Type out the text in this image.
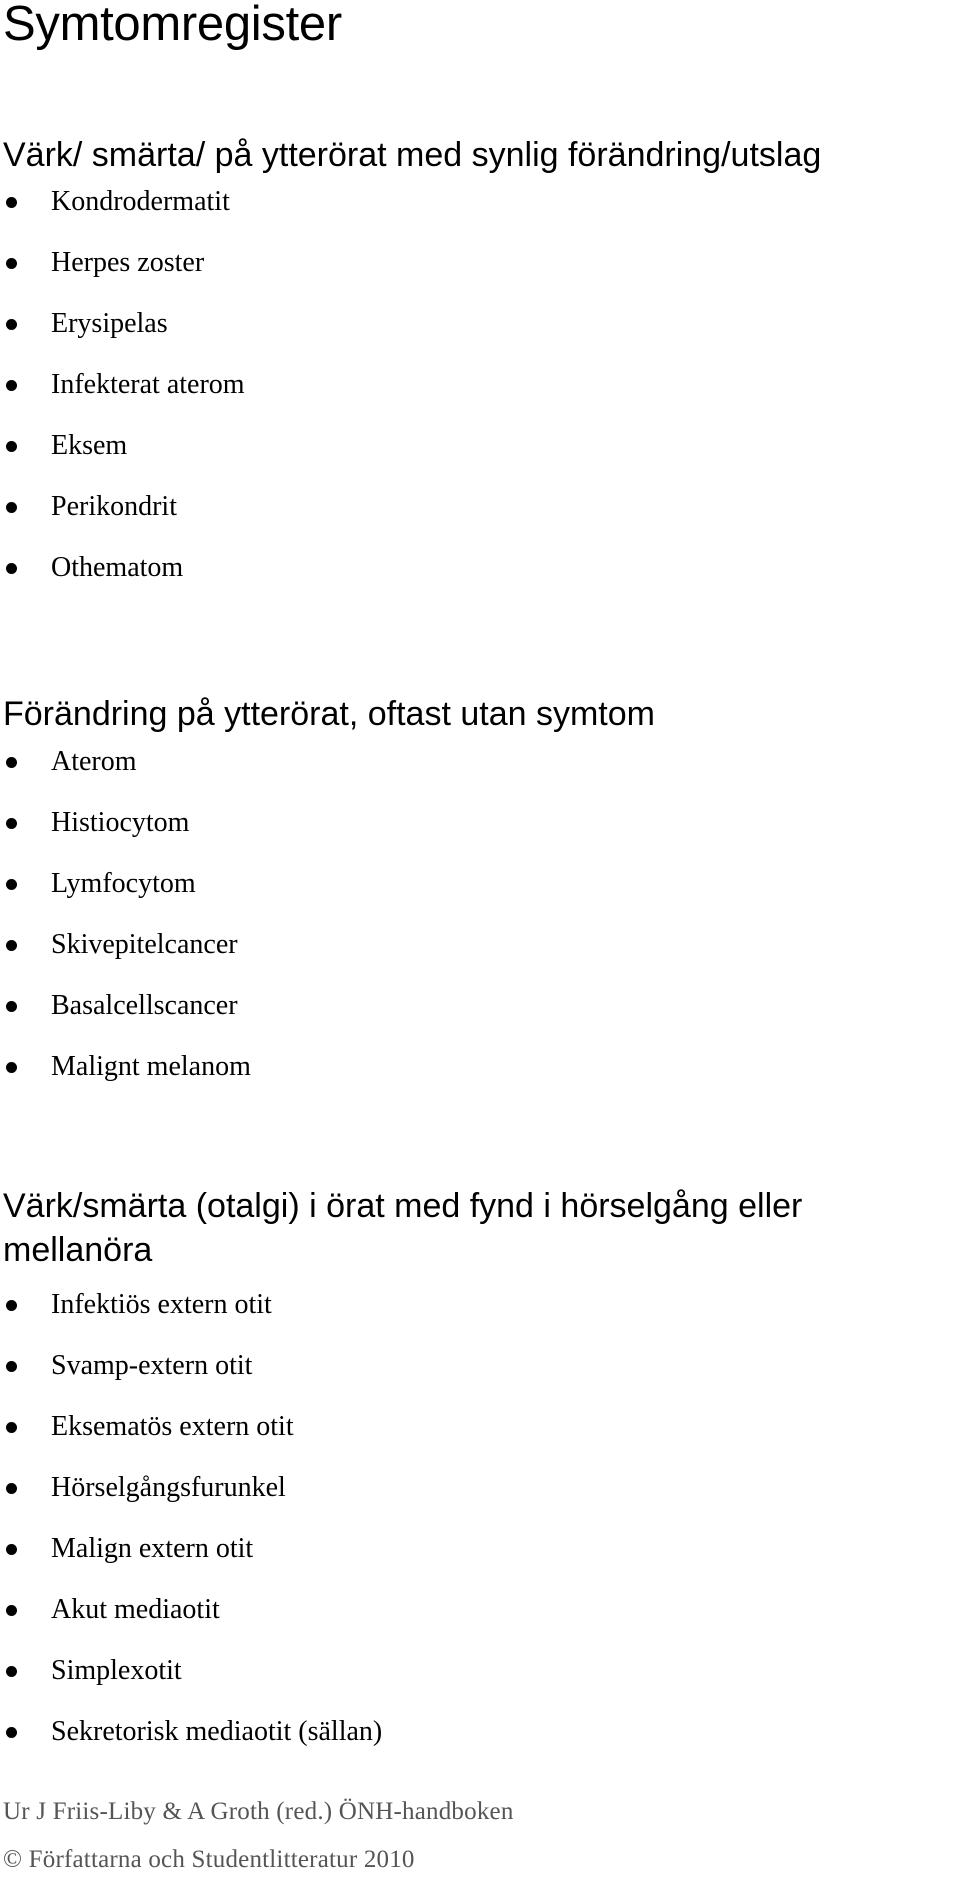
Symtomregister

Värk/ smärta/ på ytterörat med synlig förändring/utslag

Kondrodermatit
Herpes zoster
Erysipelas
Infekterat aterom
Eksem
Perikondrit
Othematom

Förändring på ytterörat, oftast utan symtom

Aterom
Histiocytom
Lymfocytom
Skivepitelcancer
Basalcellscancer
Malignt melanom

Värk/smärta (otalgi) i örat med fynd i hörselgång eller mellanöra

Infektiös extern otit
Svamp-extern otit
Eksematös extern otit
Hörselgångsfurunkel
Malign extern otit
Akut mediaotit
Simplexotit
Sekretorisk mediaotit (sällan)

Ur J Friis-Liby & A Groth (red.) ÖNH-handboken

© Författarna och Studentlitteratur 2010
